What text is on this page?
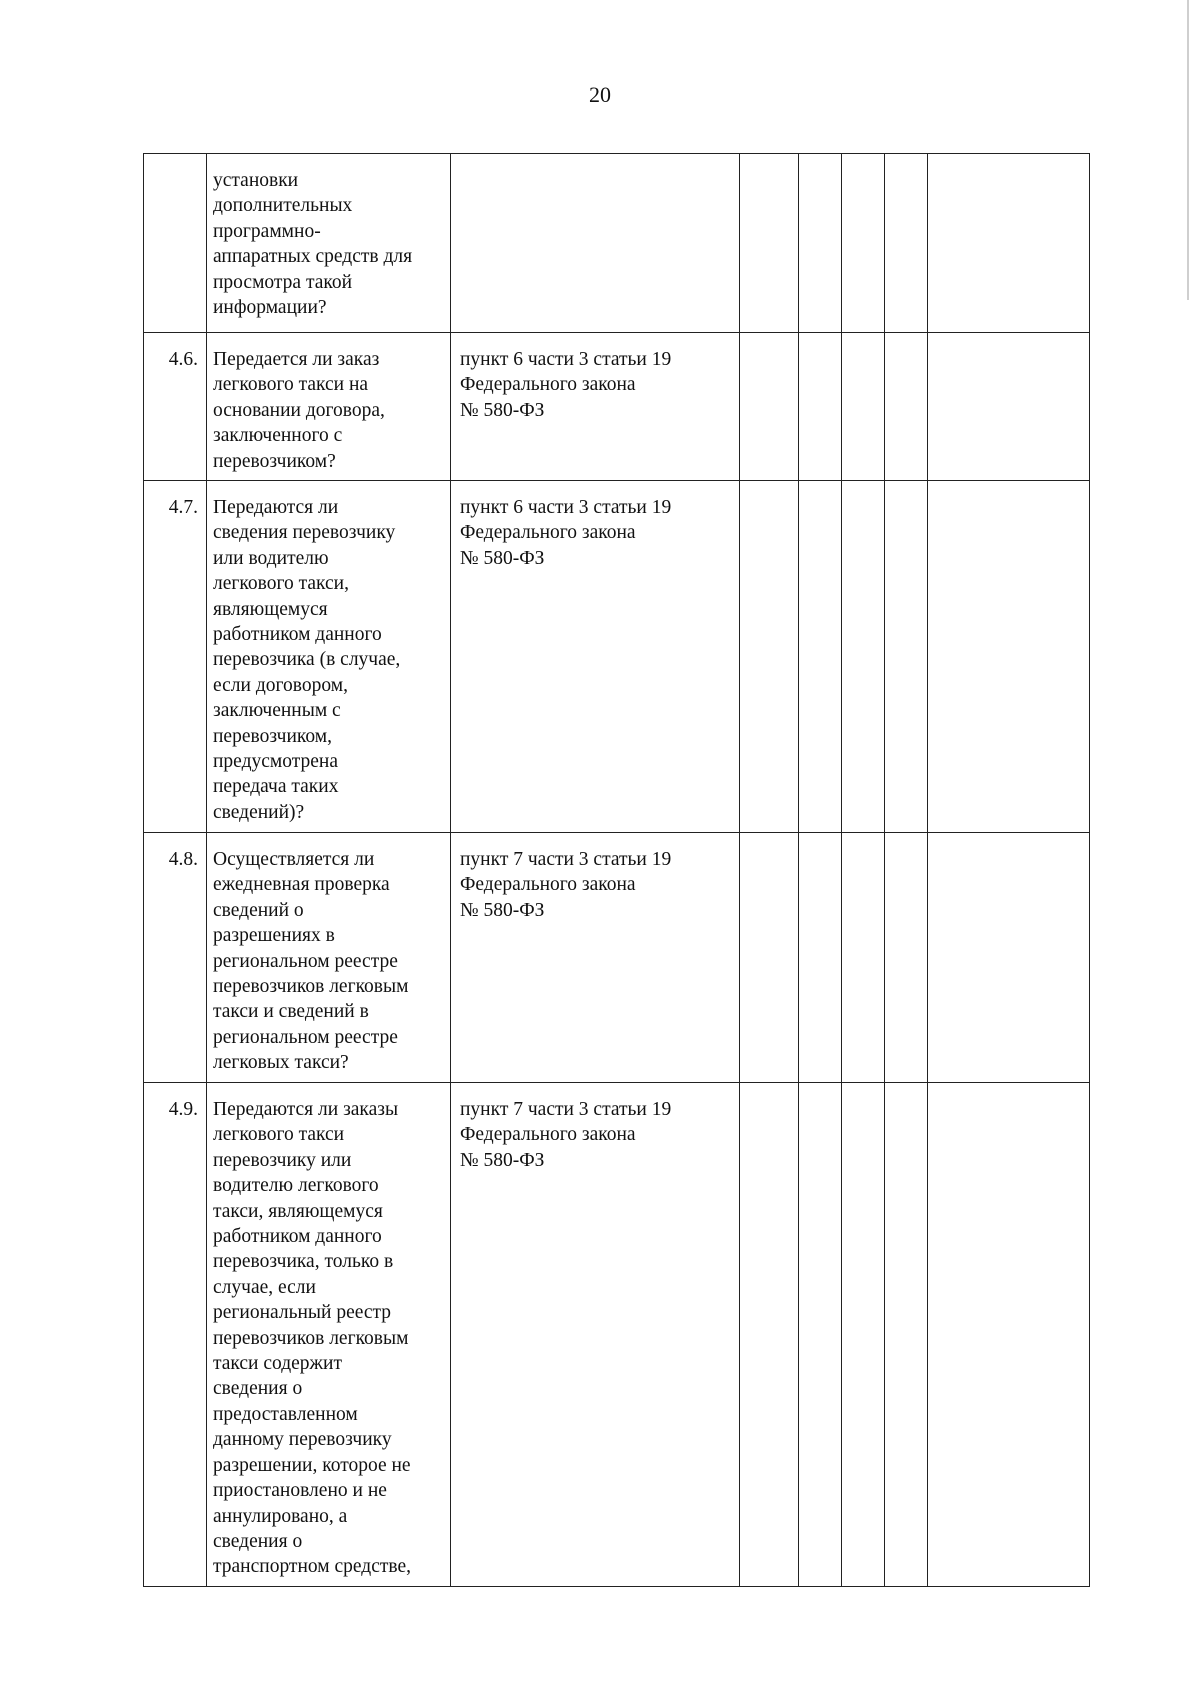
20
установки
дополнительных
программно-
аппаратных средств для
просмотра такой
информации?
4.6. Передается ли заказ
легкового такси на
основании договора,
заключенного с
перевозчиком?
пункт 6 части 3 статьи 19
Федерального закона
№ 580-ФЗ
4.7. Передаются ли
сведения перевозчику
или водителю
легкового такси,
являющемуся
работником данного
перевозчика (в случае,
если договором,
заключенным с
перевозчиком,
предусмотрена
передача таких
сведений)?
пункт 6 части 3 статьи 19
Федерального закона
№ 580-ФЗ
4.8. Осуществляется ли
ежедневная проверка
сведений о
разрешениях в
региональном реестре
перевозчиков легковым
такси и сведений в
региональном реестре
легковых такси?
пункт 7 части 3 статьи 19
Федерального закона
№ 580-ФЗ
4.9. Передаются ли заказы
легкового такси
перевозчику или
водителю легкового
такси, являющемуся
работником данного
перевозчика, только в
случае, если
региональный реестр
перевозчиков легковым
такси содержит
сведения о
предоставленном
данному перевозчику
разрешении, которое не
приостановлено и не
аннулировано, а
сведения о
транспортном средстве,
пункт 7 части 3 статьи 19
Федерального закона
№ 580-ФЗ
